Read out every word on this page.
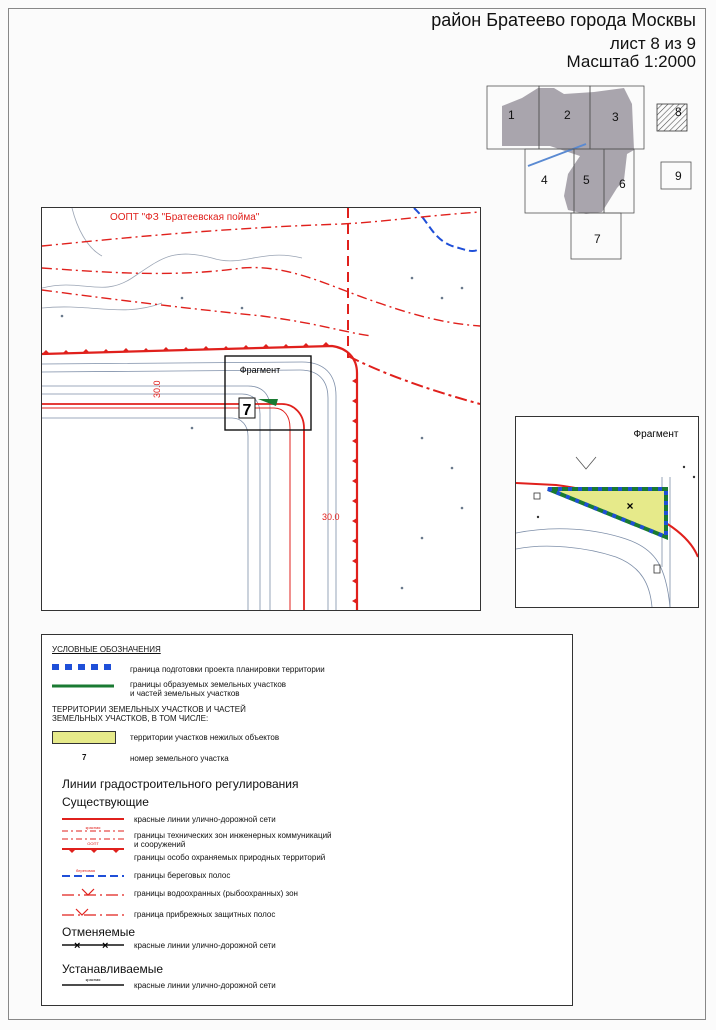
район Братеево города Москвы
лист 8 из 9
Масштаб 1:2000
1	2	3
4	5 6
7
8
9
ООПТ "ФЗ "Братеевская пойма"
30.0
30.0
Фрагмент
7
Фрагмент
×
УСЛОВНЫЕ ОБОЗНАЧЕНИЯ
граница подготовки проекта планировки территории
границы образуемых земельных участков
и частей земельных участков
ТЕРРИТОРИИ ЗЕМЕЛЬНЫХ УЧАСТКОВ И ЧАСТЕЙ
ЗЕМЕЛЬНЫХ УЧАСТКОВ, В ТОМ ЧИСЛЕ:
территории участков нежилых объектов
7	номер земельного участка
Линии градостроительного регулирования
Существующие
красные линии улично-дорожной сети
красная
ООПТ
границы технических зон инженерных коммуникаций
и сооружений
границы особо охраняемых природных территорий
береговая
границы береговых полос
границы водоохранных (рыбоохранных) зон
граница прибрежных защитных полос
Отменяемые
× ×	красные линии улично-дорожной сети
Устанавливаемые
красная
красные линии улично-дорожной сети
